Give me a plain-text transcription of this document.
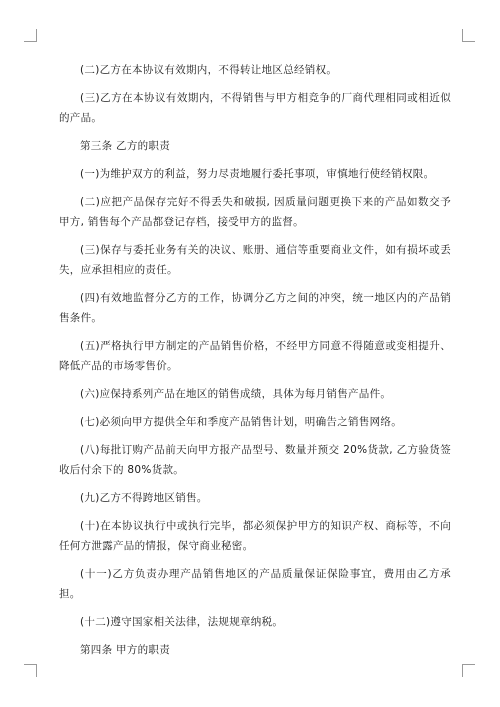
(二)乙方在本协议有效期内，不得转让地区总经销权。

(三)乙方在本协议有效期内，不得销售与甲方相竞争的厂商代理相同或相近似的产品。

第三条 乙方的职责

(一)为维护双方的利益，努力尽责地履行委托事项，审慎地行使经销权限。

(二)应把产品保存完好不得丢失和破损, 因质量问题更换下来的产品如数交予甲方, 销售每个产品都登记存档，接受甲方的监督。

(三)保存与委托业务有关的决议、账册、通信等重要商业文件，如有损坏或丢失，应承担相应的责任。

(四)有效地监督分乙方的工作，协调分乙方之间的冲突，统一地区内的产品销售条件。

(五)严格执行甲方制定的产品销售价格，不经甲方同意不得随意或变相提升、降低产品的市场零售价。

(六)应保持系列产品在地区的销售成绩，具体为每月销售产品件。

(七)必须向甲方提供全年和季度产品销售计划，明确告之销售网络。

(八)每批订购产品前天向甲方报产品型号、数量并预交 20%货款, 乙方验货签收后付余下的 80%货款。

(九)乙方不得跨地区销售。

(十)在本协议执行中或执行完毕，都必须保护甲方的知识产权、商标等，不向任何方泄露产品的情报，保守商业秘密。

(十一)乙方负责办理产品销售地区的产品质量保证保险事宜，费用由乙方承担。

(十二)遵守国家相关法律，法规规章纳税。

第四条 甲方的职责
